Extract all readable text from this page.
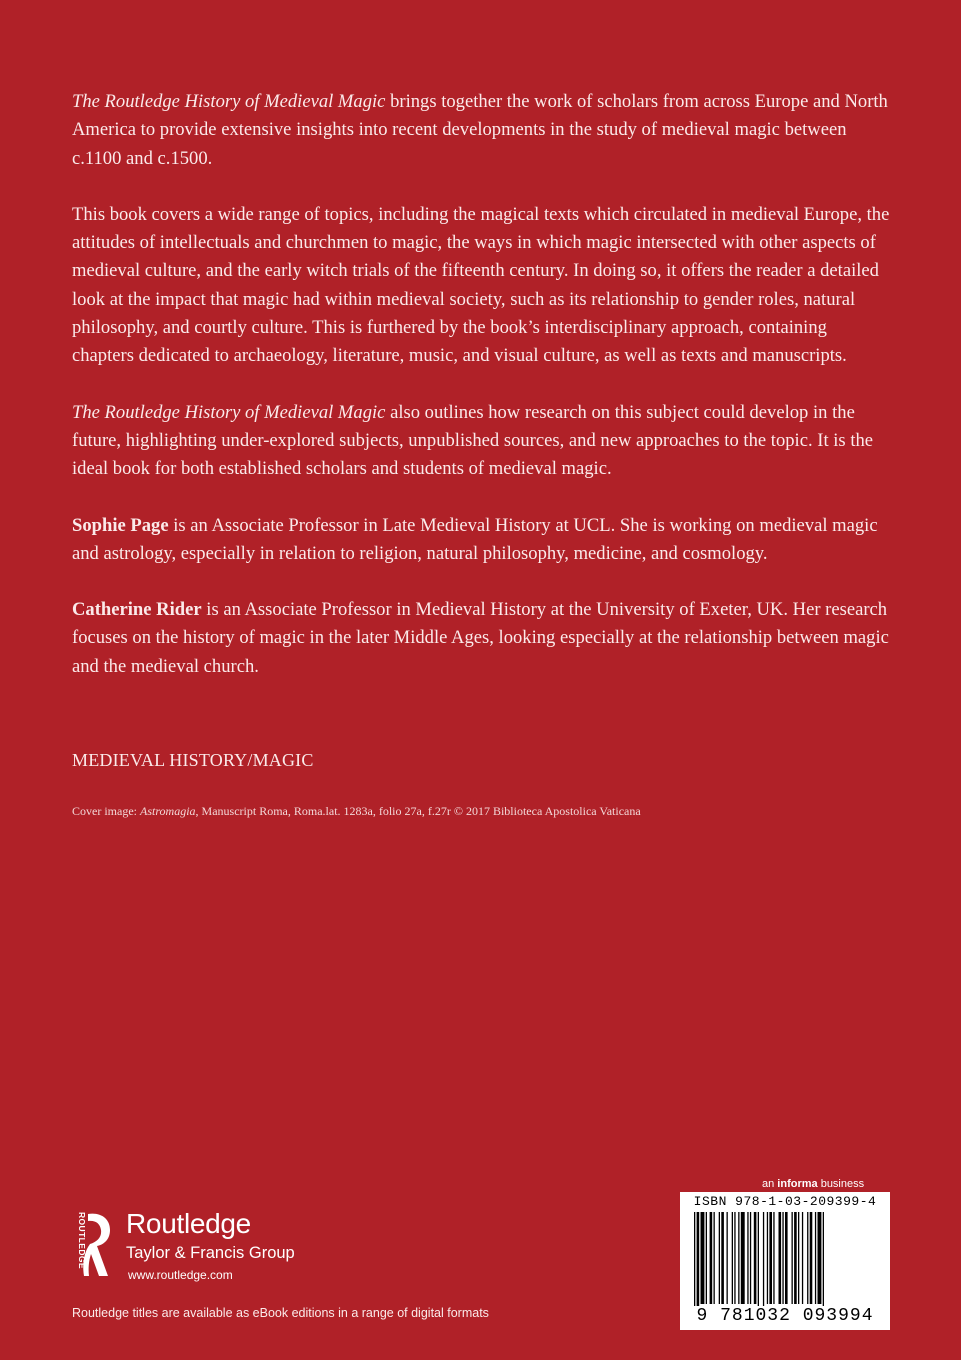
The Routledge History of Medieval Magic brings together the work of scholars from across Europe and North America to provide extensive insights into recent developments in the study of medieval magic between c.1100 and c.1500.

This book covers a wide range of topics, including the magical texts which circulated in medieval Europe, the attitudes of intellectuals and churchmen to magic, the ways in which magic intersected with other aspects of medieval culture, and the early witch trials of the fifteenth century. In doing so, it offers the reader a detailed look at the impact that magic had within medieval society, such as its relationship to gender roles, natural philosophy, and courtly culture. This is furthered by the book’s interdisciplinary approach, containing chapters dedicated to archaeology, literature, music, and visual culture, as well as texts and manuscripts.

The Routledge History of Medieval Magic also outlines how research on this subject could develop in the future, highlighting under-explored subjects, unpublished sources, and new approaches to the topic. It is the ideal book for both established scholars and students of medieval magic.

Sophie Page is an Associate Professor in Late Medieval History at UCL. She is working on medieval magic and astrology, especially in relation to religion, natural philosophy, medicine, and cosmology.

Catherine Rider is an Associate Professor in Medieval History at the University of Exeter, UK. Her research focuses on the history of magic in the later Middle Ages, looking especially at the relationship between magic and the medieval church.

MEDIEVAL HISTORY/MAGIC
Cover image: Astromagia, Manuscript Roma, Roma.lat. 1283a, folio 27a, f.27r © 2017 Biblioteca Apostolica Vaticana
ROUTLEDGE Routledge
Taylor & Francis Group
www.routledge.com
Routledge titles are available as eBook editions in a range of digital formats
an informa business
ISBN 978-1-03-209399-4
9 781032 093994
